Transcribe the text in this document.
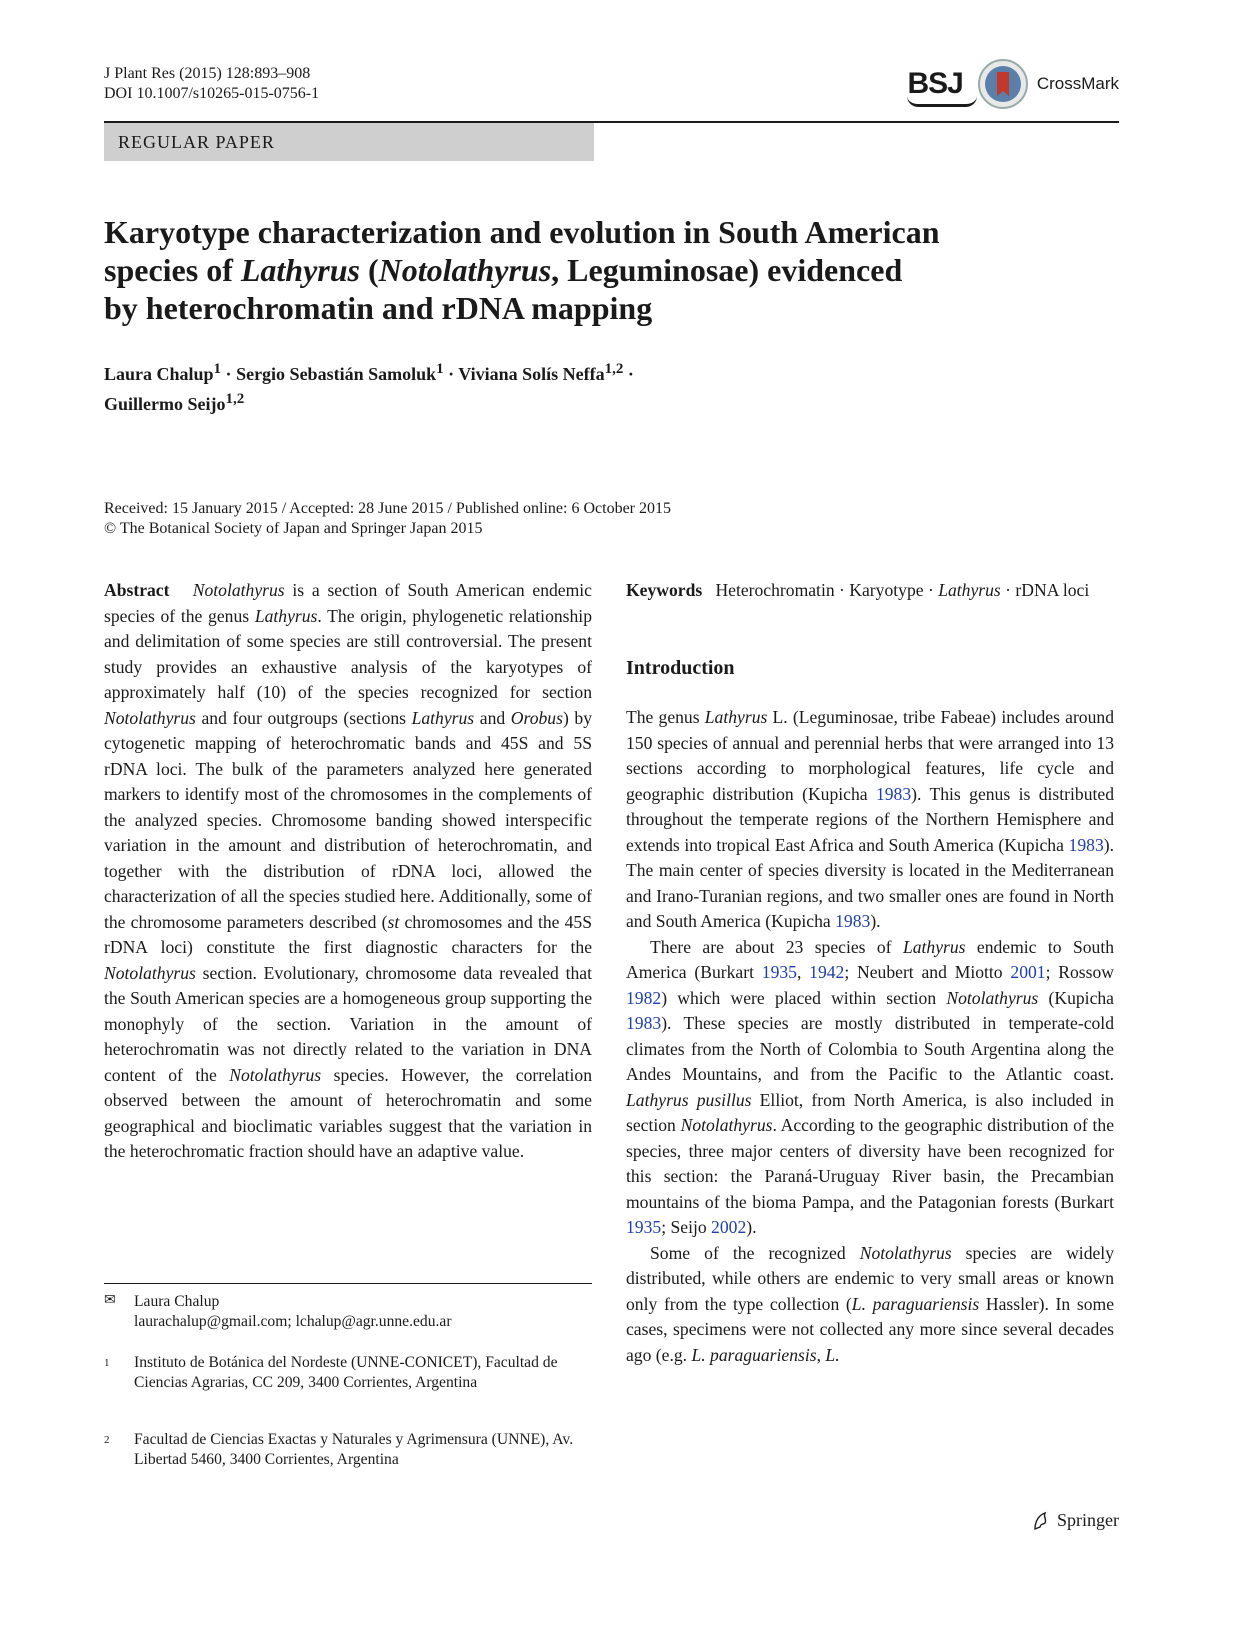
J Plant Res (2015) 128:893–908
DOI 10.1007/s10265-015-0756-1	BSJ	CrossMark
REGULAR PAPER
Karyotype characterization and evolution in South American
species of Lathyrus (Notolathyrus, Leguminosae) evidenced
by heterochromatin and rDNA mapping
Laura Chalup$^1$ · Sergio Sebastián Samoluk$^1$ · Viviana Solís Neffa$^{1,2}$ ·
Guillermo Seijo$^{1,2}$
Received: 15 January 2015 / Accepted: 28 June 2015 / Published online: 6 October 2015
© The Botanical Society of Japan and Springer Japan 2015

Abstract Notolathyrus is a section of South American endemic species of the genus Lathyrus. The origin, phylogenetic relationship and delimitation of some species are still controversial. The present study provides an exhaustive analysis of the karyotypes of approximately half (10) of the species recognized for section Notolathyrus and four outgroups (sections Lathyrus and Orobus) by cytogenetic mapping of heterochromatic bands and 45S and 5S rDNA loci. The bulk of the parameters analyzed here generated markers to identify most of the chromosomes in the complements of the analyzed species. Chromosome banding showed interspecific variation in the amount and distribution of heterochromatin, and together with the distribution of rDNA loci, allowed the characterization of all the species studied here. Additionally, some of the chromosome parameters described (st chromosomes and the 45S rDNA loci) constitute the first diagnostic characters for the Notolathyrus section. Evolutionary, chromosome data revealed that the South American species are a homogeneous group supporting the monophyly of the section. Variation in the amount of heterochromatin was not directly related to the variation in DNA content of the Notolathyrus species. However, the correlation observed between the amount of heterochromatin and some geographical and bioclimatic variables suggest that the variation in the heterochromatic fraction should have an adaptive value.

✉ Laura Chalup
laurachalup@gmail.com; lchalup@agr.unne.edu.ar
1 Instituto de Botánica del Nordeste (UNNE-CONICET), Facultad de Ciencias Agrarias, CC 209, 3400 Corrientes, Argentina
2 Facultad de Ciencias Exactas y Naturales y Agrimensura (UNNE), Av. Libertad 5460, 3400 Corrientes, Argentina

Keywords Heterochromatin · Karyotype · Lathyrus · rDNA loci

Introduction

The genus Lathyrus L. (Leguminosae, tribe Fabeae) includes around 150 species of annual and perennial herbs that were arranged into 13 sections according to morphological features, life cycle and geographic distribution (Kupicha 1983). This genus is distributed throughout the temperate regions of the Northern Hemisphere and extends into tropical East Africa and South America (Kupicha 1983). The main center of species diversity is located in the Mediterranean and Irano-Turanian regions, and two smaller ones are found in North and South America (Kupicha 1983).

There are about 23 species of Lathyrus endemic to South America (Burkart 1935, 1942; Neubert and Miotto 2001; Rossow 1982) which were placed within section Notolathyrus (Kupicha 1983). These species are mostly distributed in temperate-cold climates from the North of Colombia to South Argentina along the Andes Mountains, and from the Pacific to the Atlantic coast. Lathyrus pusillus Elliot, from North America, is also included in section Notolathyrus. According to the geographic distribution of the species, three major centers of diversity have been recognized for this section: the Paraná-Uruguay River basin, the Precambian mountains of the bioma Pampa, and the Patagonian forests (Burkart 1935; Seijo 2002).

Some of the recognized Notolathyrus species are widely distributed, while others are endemic to very small areas or known only from the type collection (L. paraguariensis Hassler). In some cases, specimens were not collected any more since several decades ago (e.g. L. paraguariensis, L.

Springer
